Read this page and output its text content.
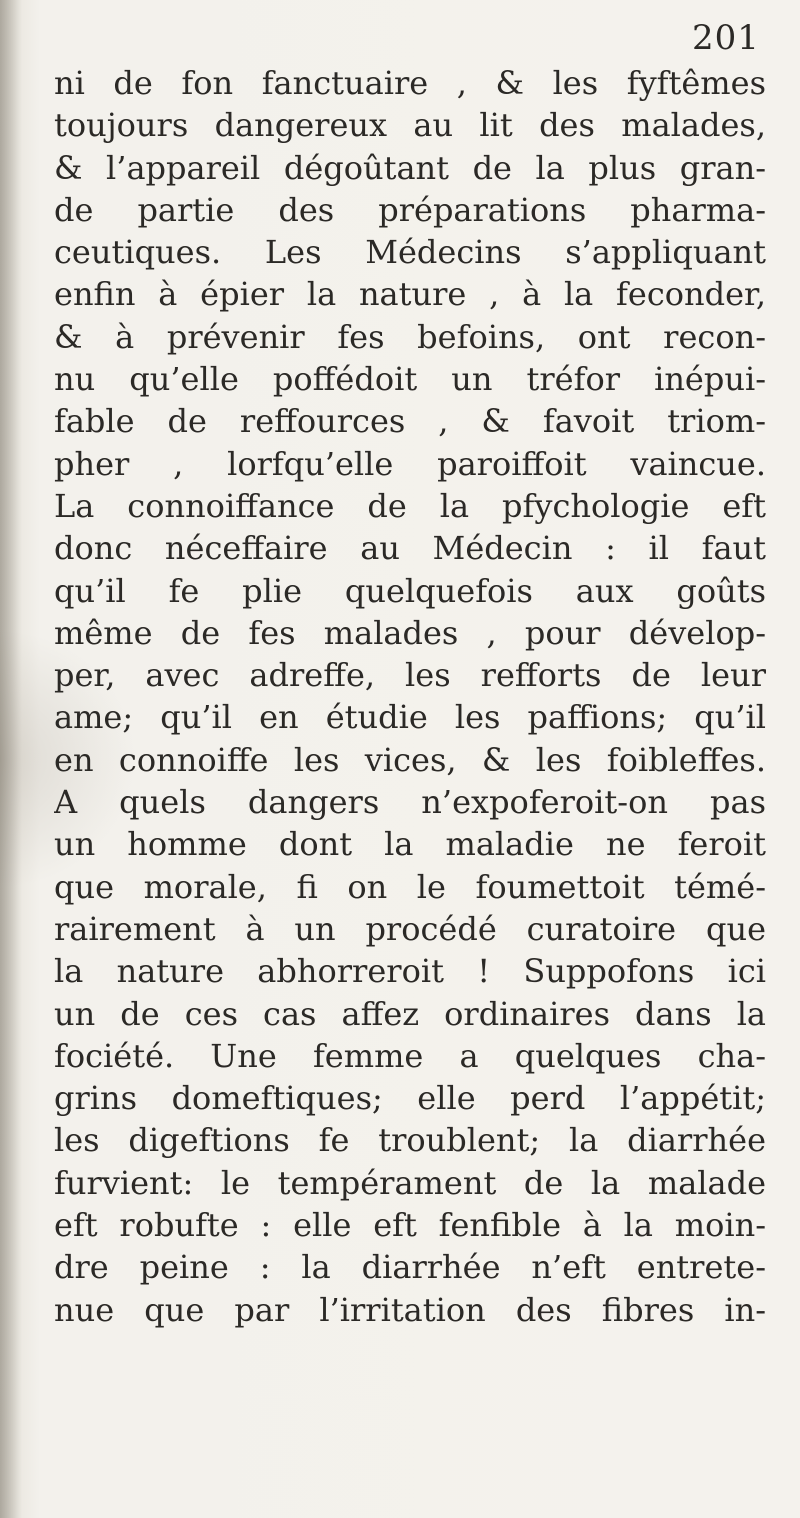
201
ni de fon fanctuaire , & les fyftêmes
toujours dangereux au lit des malades,
& l’appareil dégoûtant de la plus gran-
de partie des préparations pharma-
ceutiques. Les Médecins s’appliquant
enfin à épier la nature , à la feconder,
& à prévenir fes befoins, ont recon-
nu qu’elle poffédoit un tréfor inépui-
fable de reffources , & favoit triom-
pher , lorfqu’elle paroiffoit vaincue.
La connoiffance de la pfychologie eft
donc néceffaire au Médecin : il faut
qu’il fe plie quelquefois aux goûts
même de fes malades , pour dévelop-
per, avec adreffe, les refforts de leur
ame; qu’il en étudie les paffions; qu’il
en connoiffe les vices, & les foibleffes.
A quels dangers n’expoferoit-on pas
un homme dont la maladie ne feroit
que morale, fi on le foumettoit témé-
rairement à un procédé curatoire que
la nature abhorreroit ! Suppofons ici
un de ces cas affez ordinaires dans la
fociété. Une femme a quelques cha-
grins domeftiques; elle perd l’appétit;
les digeftions fe troublent; la diarrhée
furvient: le tempérament de la malade
eft robufte : elle eft fenfible à la moin-
dre peine : la diarrhée n’eft entrete-
nue que par l’irritation des fibres in-
